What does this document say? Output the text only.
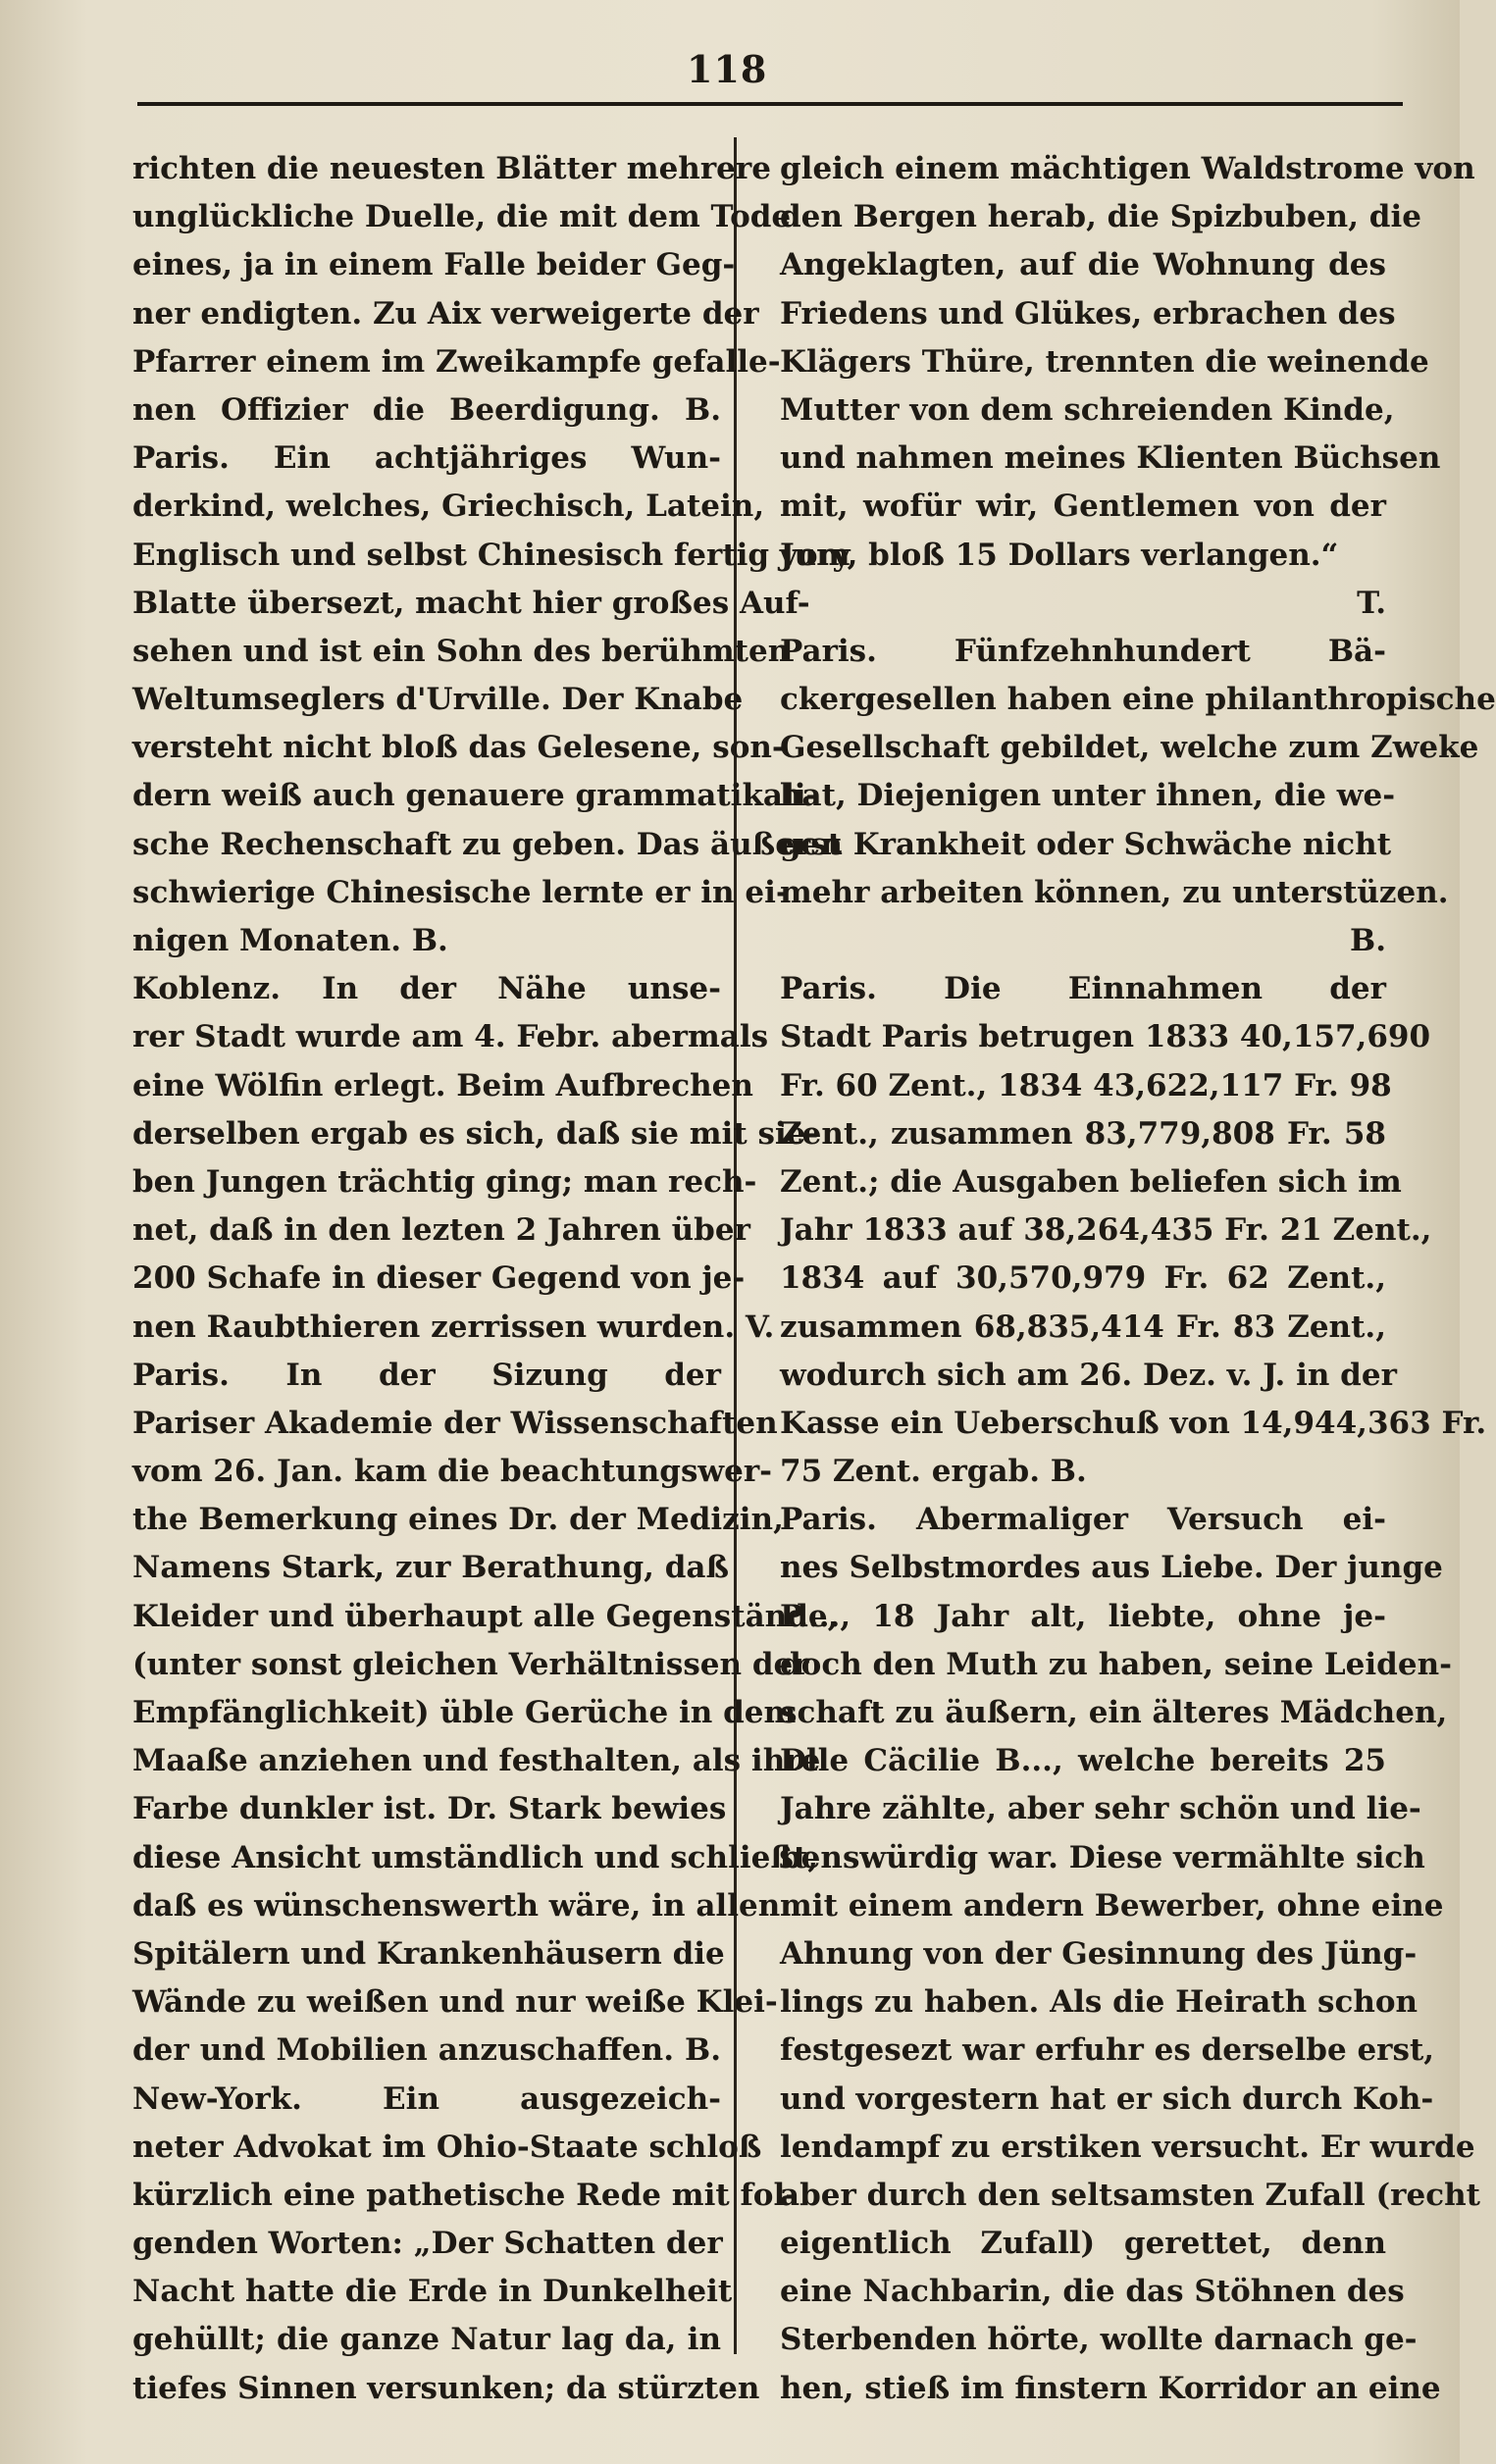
118
richten die neuesten Blätter mehrere
unglückliche Duelle, die mit dem Tode
eines, ja in einem Falle beider Geg-
ner endigten. Zu Aix verweigerte der
Pfarrer einem im Zweikampfe gefalle-
nen Offizier die Beerdigung. B.
Paris. Ein achtjähriges Wun-
derkind, welches, Griechisch, Latein,
Englisch und selbst Chinesisch fertig vom
Blatte übersezt, macht hier großes Auf-
sehen und ist ein Sohn des berühmten
Weltumseglers d'Urville. Der Knabe
versteht nicht bloß das Gelesene, son-
dern weiß auch genauere grammatikali-
sche Rechenschaft zu geben. Das äußerst
schwierige Chinesische lernte er in ei-
nigen Monaten. B.
Koblenz. In der Nähe unse-
rer Stadt wurde am 4. Febr. abermals
eine Wölfin erlegt. Beim Aufbrechen
derselben ergab es sich, daß sie mit sie-
ben Jungen trächtig ging; man rech-
net, daß in den lezten 2 Jahren über
200 Schafe in dieser Gegend von je-
nen Raubthieren zerrissen wurden. V.
Paris. In der Sizung der
Pariser Akademie der Wissenschaften
vom 26. Jan. kam die beachtungswer-
the Bemerkung eines Dr. der Medizin,
Namens Stark, zur Berathung, daß
Kleider und überhaupt alle Gegenstände,
(unter sonst gleichen Verhältnissen der
Empfänglichkeit) üble Gerüche in dem
Maaße anziehen und festhalten, als ihre
Farbe dunkler ist. Dr. Stark bewies
diese Ansicht umständlich und schließt,
daß es wünschenswerth wäre, in allen
Spitälern und Krankenhäusern die
Wände zu weißen und nur weiße Klei-
der und Mobilien anzuschaffen. B.
New-York. Ein ausgezeich-
neter Advokat im Ohio-Staate schloß
kürzlich eine pathetische Rede mit fol-
genden Worten: „Der Schatten der
Nacht hatte die Erde in Dunkelheit
gehüllt; die ganze Natur lag da, in
tiefes Sinnen versunken; da stürzten
gleich einem mächtigen Waldstrome von
den Bergen herab, die Spizbuben, die
Angeklagten, auf die Wohnung des
Friedens und Glükes, erbrachen des
Klägers Thüre, trennten die weinende
Mutter von dem schreienden Kinde,
und nahmen meines Klienten Büchsen
mit, wofür wir, Gentlemen von der
Jury, bloß 15 Dollars verlangen.“
T.
Paris. Fünfzehnhundert Bä-
ckergesellen haben eine philanthropische
Gesellschaft gebildet, welche zum Zweke
hat, Diejenigen unter ihnen, die we-
gen Krankheit oder Schwäche nicht
mehr arbeiten können, zu unterstüzen.
B.
Paris. Die Einnahmen der
Stadt Paris betrugen 1833 40,157,690
Fr. 60 Zent., 1834 43,622,117 Fr. 98
Zent., zusammen 83,779,808 Fr. 58
Zent.; die Ausgaben beliefen sich im
Jahr 1833 auf 38,264,435 Fr. 21 Zent.,
1834 auf 30,570,979 Fr. 62 Zent.,
zusammen 68,835,414 Fr. 83 Zent.,
wodurch sich am 26. Dez. v. J. in der
Kasse ein Ueberschuß von 14,944,363 Fr.
75 Zent. ergab. B.
Paris. Abermaliger Versuch ei-
nes Selbstmordes aus Liebe. Der junge
P...., 18 Jahr alt, liebte, ohne je-
doch den Muth zu haben, seine Leiden-
schaft zu äußern, ein älteres Mädchen,
Dlle Cäcilie B..., welche bereits 25
Jahre zählte, aber sehr schön und lie-
benswürdig war. Diese vermählte sich
mit einem andern Bewerber, ohne eine
Ahnung von der Gesinnung des Jüng-
lings zu haben. Als die Heirath schon
festgesezt war erfuhr es derselbe erst,
und vorgestern hat er sich durch Koh-
lendampf zu erstiken versucht. Er wurde
aber durch den seltsamsten Zufall (recht
eigentlich Zufall) gerettet, denn
eine Nachbarin, die das Stöhnen des
Sterbenden hörte, wollte darnach ge-
hen, stieß im finstern Korridor an eine
